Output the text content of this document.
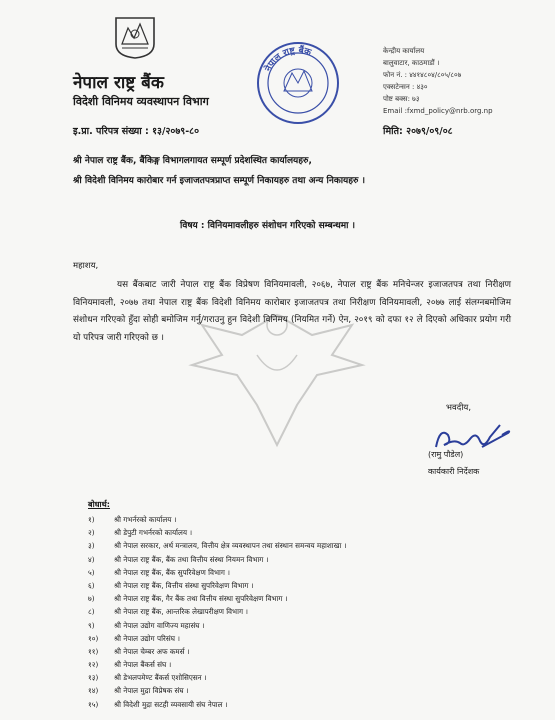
नेपाल राष्ट्र बैंक
विदेशी विनिमय व्यवस्थापन विभाग
इ.प्रा. परिपत्र संख्या : १३/२०७९-८०
नेपाल राष्ट्र बैंक	केन्द्रीय कार्यालय
बालुवाटार, काठमाडौं ।
फोन नं. : ४४१४८०४/८०५/८०७
एक्सटेन्सन : ४३०
पोष्ट बक्स: ७३
Email :fxmd_policy@nrb.org.np
मिति: २०७९/०९/०८
श्री नेपाल राष्ट्र बैंक, बैंकिङ्ग विभागलगायत सम्पूर्ण प्रदेशस्थित कार्यालयहरु,
श्री विदेशी विनिमय कारोबार गर्न इजाजतपत्रप्राप्त सम्पूर्ण निकायहरु तथा अन्य निकायहरु ।
विषय : विनियमावलीहरु संशोधन गरिएको सम्बन्धमा ।
महाशय,
यस बैंकबाट जारी नेपाल राष्ट्र बैंक विप्रेषण विनियमावली, २०६७, नेपाल राष्ट्र बैंक मनिचेन्जर इजाजतपत्र तथा निरीक्षण विनियमावली, २०७७ तथा नेपाल राष्ट्र बैंक विदेशी विनिमय कारोबार इजाजतपत्र तथा निरीक्षण विनियमावली, २०७७ लाई संलग्नबमोजिम संशोधन गरिएको हुँदा सोही बमोजिम गर्नु/गराउनु हुन विदेशी विनिमय (नियमित गर्ने) ऐन, २०१९ को दफा १२ ले दिएको अधिकार प्रयोग गरी यो परिपत्र जारी गरिएको छ ।
भवदीय,
(रामु पौडेल)
कार्यकारी निर्देशक
बोधार्थ:
१)	श्री गभर्नरको कार्यालय ।
२)	श्री डेपुटी गभर्नरको कार्यालय ।
३)	श्री नेपाल सरकार, अर्थ मन्त्रालय, वित्तीय क्षेत्र व्यवस्थापन तथा संस्थान समन्वय महाशाखा ।
४)	श्री नेपाल राष्ट्र बैंक, बैंक तथा वित्तीय संस्था नियमन विभाग ।
५)	श्री नेपाल राष्ट्र बैंक, बैंक सुपरिवेक्षण विभाग ।
६)	श्री नेपाल राष्ट्र बैंक, वित्तीय संस्था सुपरिवेक्षण विभाग ।
७)	श्री नेपाल राष्ट्र बैंक, गैर बैंक तथा वित्तीय संस्था सुपरिवेक्षण विभाग ।
८)	श्री नेपाल राष्ट्र बैंक, आन्तरिक लेखापरीक्षण विभाग ।
९)	श्री नेपाल उद्योग वाणिज्य महासंघ ।
१०) श्री नेपाल उद्योग परिसंघ ।
११) श्री नेपाल चेम्बर अफ कमर्स ।
१२) श्री नेपाल बैंकर्स संघ ।
१३) श्री डेभलपमेण्ट बैंकर्स एशोसिएसन ।
१४) श्री नेपाल मुद्रा विप्रेषक संघ ।
१५) श्री विदेशी मुद्रा सटही व्यवसायी संघ नेपाल ।
